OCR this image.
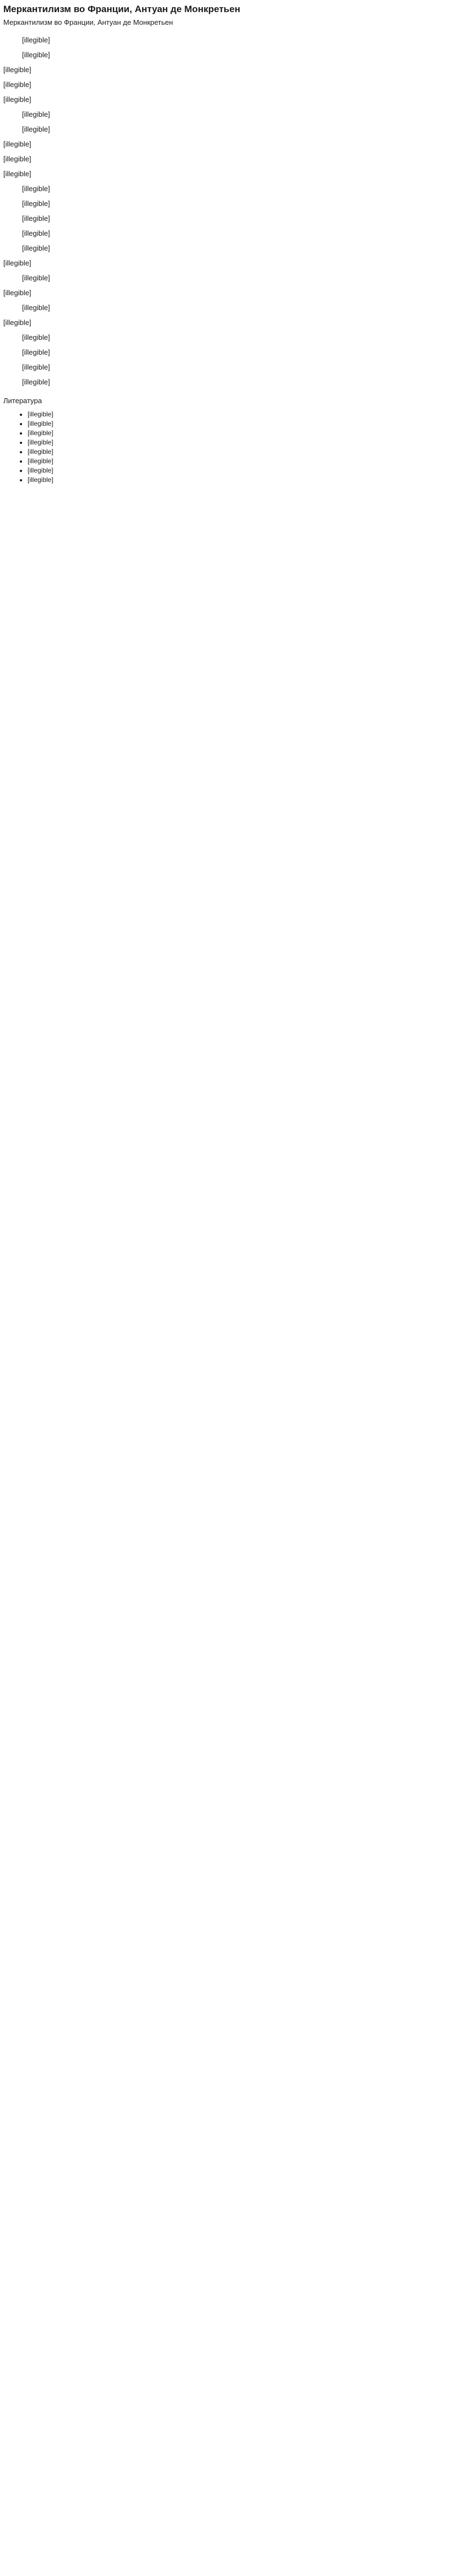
Меркантилизм во Франции, Антуан де Монкретьен
Меркантилизм во Франции, Антуан де Монкретьен

[illegible]

[illegible]

[illegible]

[illegible]

[illegible]

[illegible]

[illegible]

[illegible]

[illegible]

[illegible]

[illegible]

[illegible]

[illegible]

[illegible]

[illegible]

[illegible]

[illegible]

[illegible]

[illegible]

[illegible]

[illegible]

[illegible]

[illegible]

[illegible]

Литература
• [illegible]
• [illegible]
• [illegible]
• [illegible]
• [illegible]
• [illegible]
• [illegible]
• [illegible]
